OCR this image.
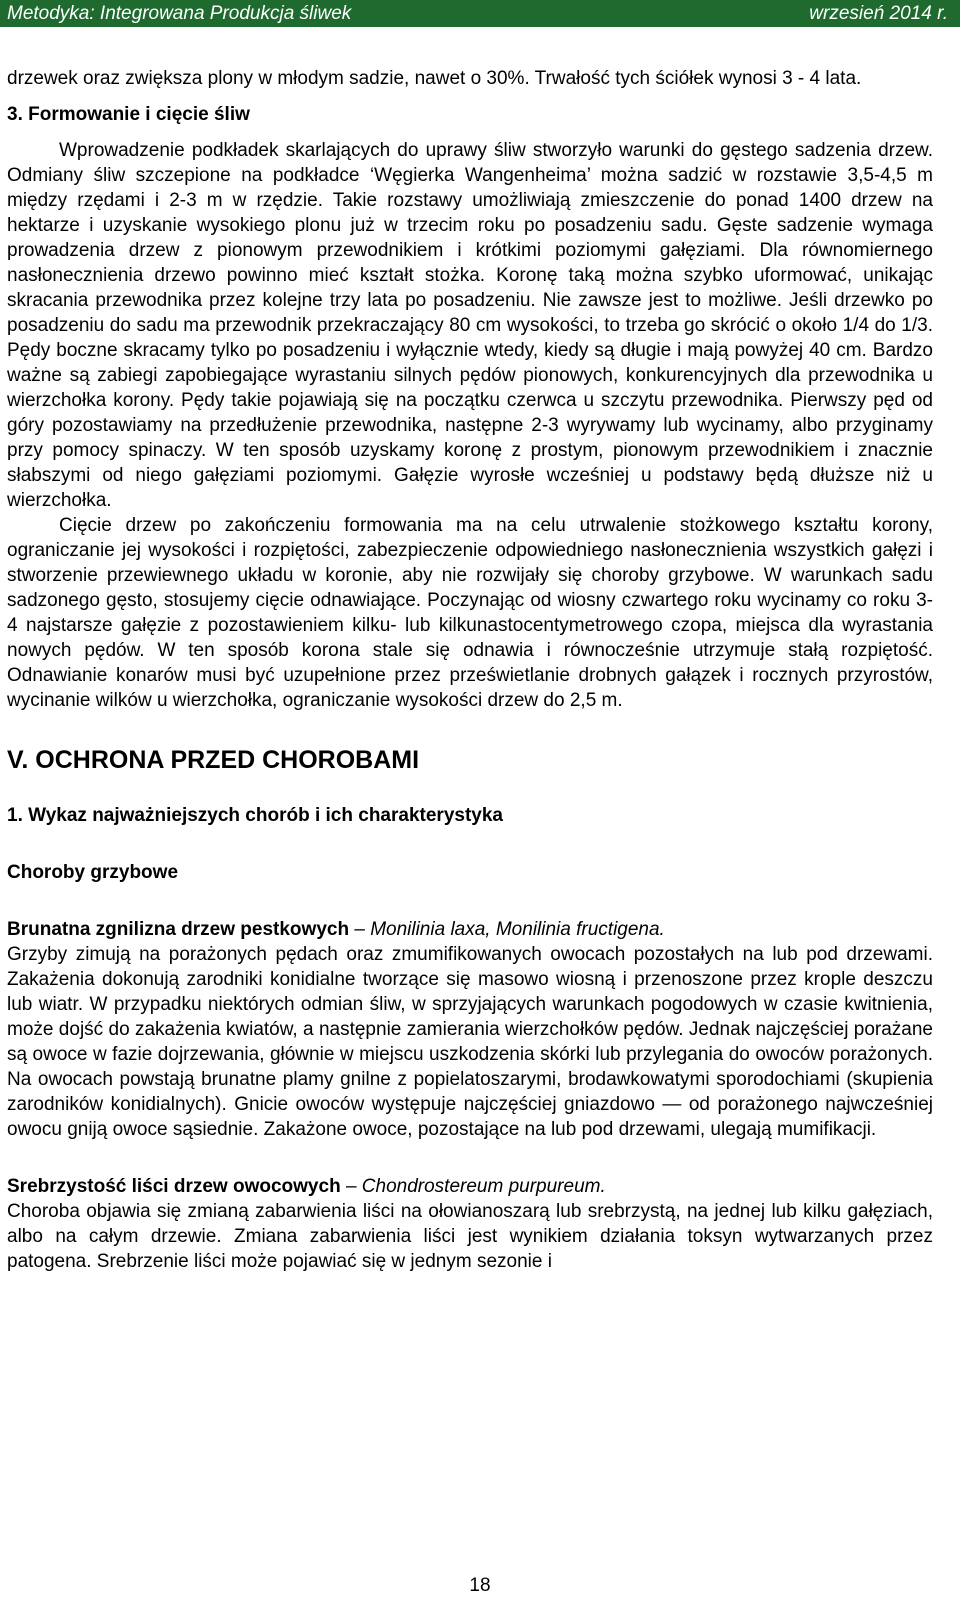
Metodyka: Integrowana Produkcja śliwek	wrzesień 2014 r.

drzewek oraz zwiększa plony w młodym sadzie, nawet o 30%. Trwałość tych ściółek wynosi 3 - 4 lata.

3. Formowanie i cięcie śliw

Wprowadzenie podkładek skarlających do uprawy śliw stworzyło warunki do gęstego sadzenia drzew. Odmiany śliw szczepione na podkładce ‘Węgierka Wangenheima’ można sadzić w rozstawie 3,5-4,5 m między rzędami i 2-3 m w rzędzie. Takie rozstawy umożliwiają zmieszczenie do ponad 1400 drzew na hektarze i uzyskanie wysokiego plonu już w trzecim roku po posadzeniu sadu. Gęste sadzenie wymaga prowadzenia drzew z pionowym przewodnikiem i krótkimi poziomymi gałęziami. Dla równomiernego nasłonecznienia drzewo powinno mieć kształt stożka. Koronę taką można szybko uformować, unikając skracania przewodnika przez kolejne trzy lata po posadzeniu. Nie zawsze jest to możliwe. Jeśli drzewko po posadzeniu do sadu ma przewodnik przekraczający 80 cm wysokości, to trzeba go skrócić o około 1/4 do 1/3. Pędy boczne skracamy tylko po posadzeniu i wyłącznie wtedy, kiedy są długie i mają powyżej 40 cm. Bardzo ważne są zabiegi zapobiegające wyrastaniu silnych pędów pionowych, konkurencyjnych dla przewodnika u wierzchołka korony. Pędy takie pojawiają się na początku czerwca u szczytu przewodnika. Pierwszy pęd od góry pozostawiamy na przedłużenie przewodnika, następne 2-3 wyrywamy lub wycinamy, albo przyginamy przy pomocy spinaczy. W ten sposób uzyskamy koronę z prostym, pionowym przewodnikiem i znacznie słabszymi od niego gałęziami poziomymi. Gałęzie wyrosłe wcześniej u podstawy będą dłuższe niż u wierzchołka.

Cięcie drzew po zakończeniu formowania ma na celu utrwalenie stożkowego kształtu korony, ograniczanie jej wysokości i rozpiętości, zabezpieczenie odpowiedniego nasłonecznienia wszystkich gałęzi i stworzenie przewiewnego układu w koronie, aby nie rozwijały się choroby grzybowe. W warunkach sadu sadzonego gęsto, stosujemy cięcie odnawiające. Poczynając od wiosny czwartego roku wycinamy co roku 3-4 najstarsze gałęzie z pozostawieniem kilku- lub kilkunastocentymetrowego czopa, miejsca dla wyrastania nowych pędów. W ten sposób korona stale się odnawia i równocześnie utrzymuje stałą rozpiętość. Odnawianie konarów musi być uzupełnione przez prześwietlanie drobnych gałązek i rocznych przyrostów, wycinanie wilków u wierzchołka, ograniczanie wysokości drzew do 2,5 m.

V. OCHRONA PRZED CHOROBAMI

1. Wykaz najważniejszych chorób i ich charakterystyka

Choroby grzybowe

Brunatna zgnilizna drzew pestkowych – Monilinia laxa, Monilinia fructigena.

Grzyby zimują na porażonych pędach oraz zmumifikowanych owocach pozostałych na lub pod drzewami. Zakażenia dokonują zarodniki konidialne tworzące się masowo wiosną i przenoszone przez krople deszczu lub wiatr. W przypadku niektórych odmian śliw, w sprzyjających warunkach pogodowych w czasie kwitnienia, może dojść do zakażenia kwiatów, a następnie zamierania wierzchołków pędów. Jednak najczęściej porażane są owoce w fazie dojrzewania, głównie w miejscu uszkodzenia skórki lub przylegania do owoców porażonych. Na owocach powstają brunatne plamy gnilne z popielatoszarymi, brodawkowatymi sporodochiami (skupienia zarodników konidialnych). Gnicie owoców występuje najczęściej gniazdowo — od porażonego najwcześniej owocu gniją owoce sąsiednie. Zakażone owoce, pozostające na lub pod drzewami, ulegają mumifikacji.

Srebrzystość liści drzew owocowych – Chondrostereum purpureum.

Choroba objawia się zmianą zabarwienia liści na ołowianoszarą lub srebrzystą, na jednej lub kilku gałęziach, albo na całym drzewie. Zmiana zabarwienia liści jest wynikiem działania toksyn wytwarzanych przez patogena. Srebrzenie liści może pojawiać się w jednym sezonie i

18
